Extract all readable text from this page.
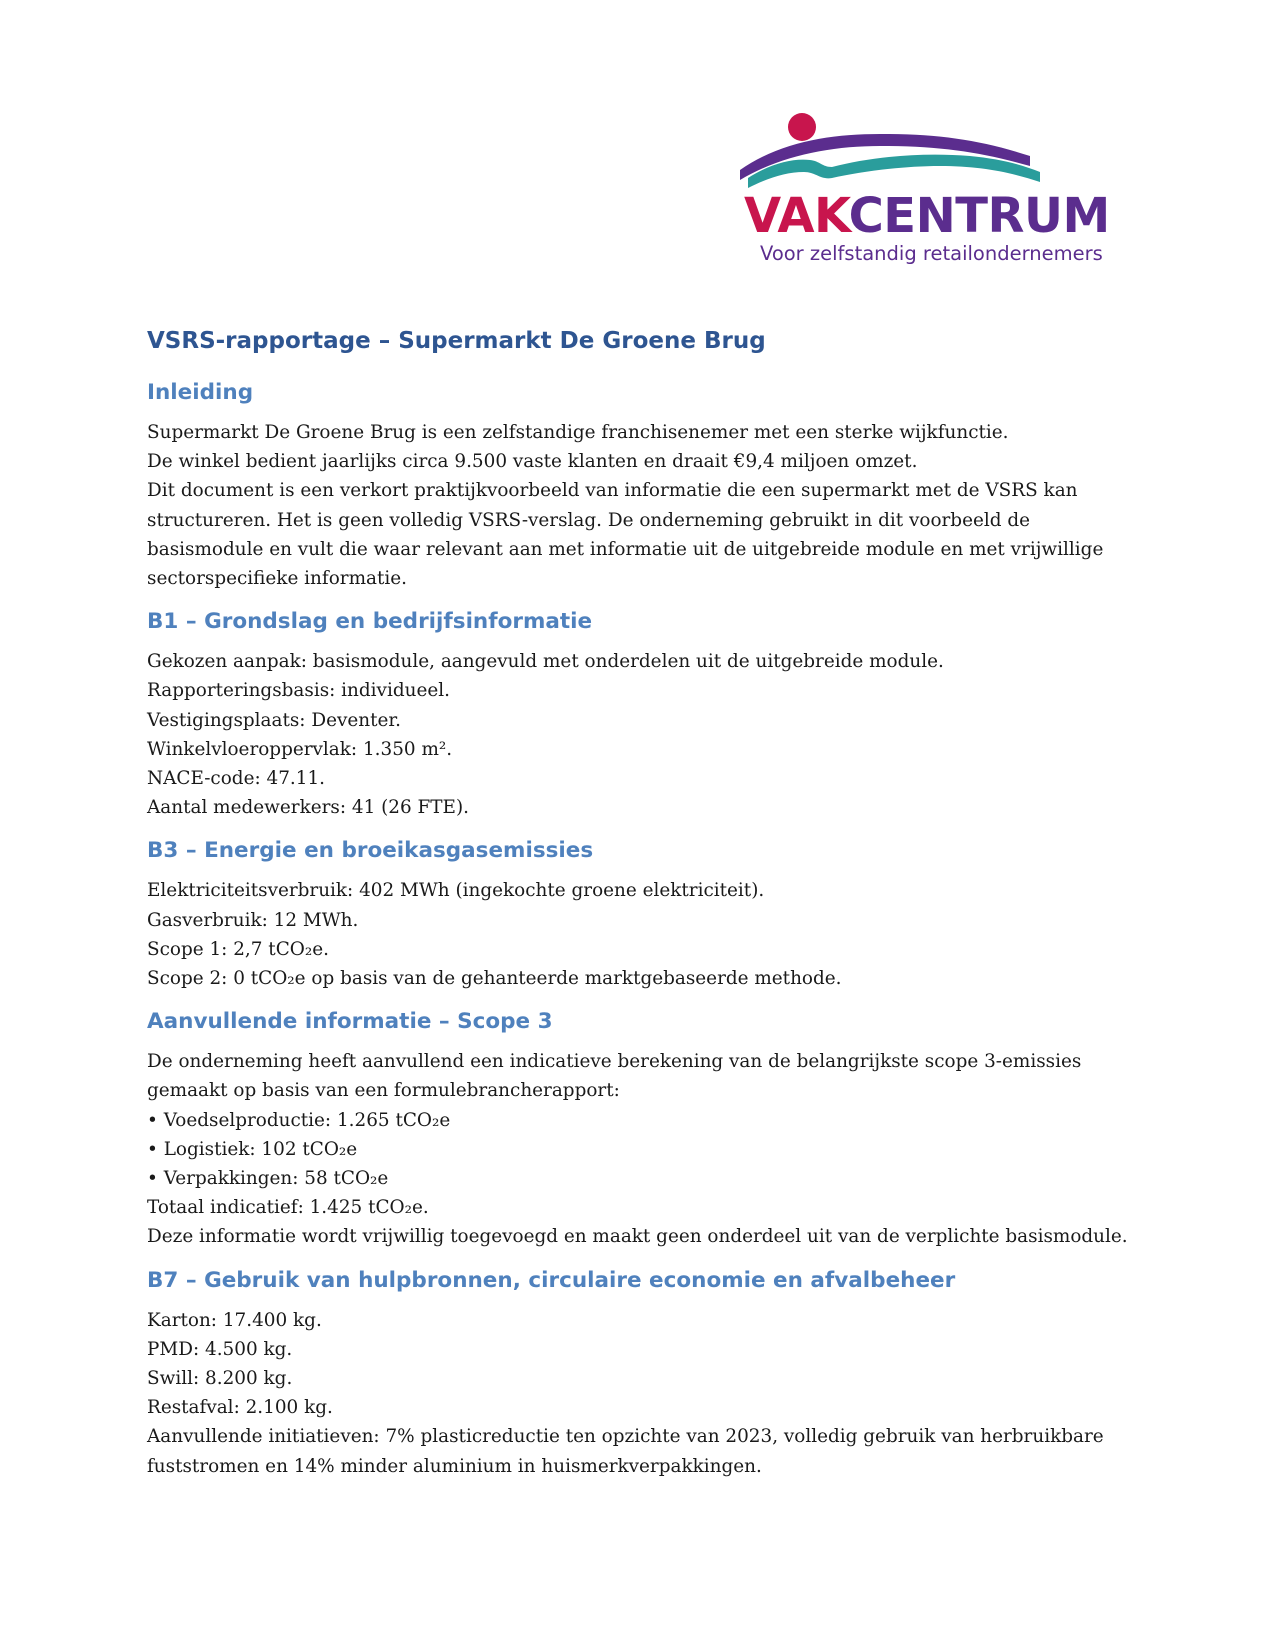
VAKCENTRUM
Voor zelfstandig retailondernemers
VSRS-rapportage – Supermarkt De Groene Brug
Inleiding
Supermarkt De Groene Brug is een zelfstandige franchisenemer met een sterke wijkfunctie.
De winkel bedient jaarlijks circa 9.500 vaste klanten en draait €9,4 miljoen omzet.
Dit document is een verkort praktijkvoorbeeld van informatie die een supermarkt met de VSRS kan
structureren. Het is geen volledig VSRS-verslag. De onderneming gebruikt in dit voorbeeld de
basismodule en vult die waar relevant aan met informatie uit de uitgebreide module en met vrijwillige
sectorspecifieke informatie.
B1 – Grondslag en bedrijfsinformatie
Gekozen aanpak: basismodule, aangevuld met onderdelen uit de uitgebreide module.
Rapporteringsbasis: individueel.
Vestigingsplaats: Deventer.
Winkelvloeroppervlak: 1.350 m².
NACE-code: 47.11.
Aantal medewerkers: 41 (26 FTE).
B3 – Energie en broeikasgasemissies
Elektriciteitsverbruik: 402 MWh (ingekochte groene elektriciteit).
Gasverbruik: 12 MWh.
Scope 1: 2,7 tCO₂e.
Scope 2: 0 tCO₂e op basis van de gehanteerde marktgebaseerde methode.
Aanvullende informatie – Scope 3
De onderneming heeft aanvullend een indicatieve berekening van de belangrijkste scope 3-emissies
gemaakt op basis van een formulebrancherapport:
• Voedselproductie: 1.265 tCO₂e
• Logistiek: 102 tCO₂e
• Verpakkingen: 58 tCO₂e
Totaal indicatief: 1.425 tCO₂e.
Deze informatie wordt vrijwillig toegevoegd en maakt geen onderdeel uit van de verplichte basismodule.
B7 – Gebruik van hulpbronnen, circulaire economie en afvalbeheer
Karton: 17.400 kg.
PMD: 4.500 kg.
Swill: 8.200 kg.
Restafval: 2.100 kg.
Aanvullende initiatieven: 7% plasticreductie ten opzichte van 2023, volledig gebruik van herbruikbare
fuststromen en 14% minder aluminium in huismerkverpakkingen.
